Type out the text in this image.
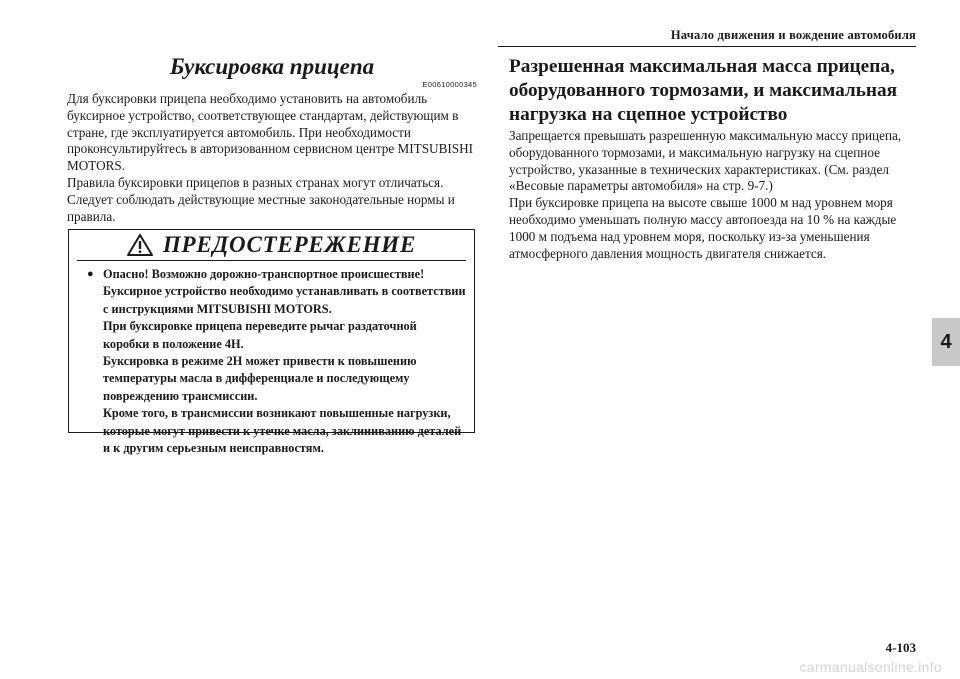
Начало движения и вождение автомобиля
4
Буксировка прицепа
E00610000345

Для буксировки прицепа необходимо установить на автомобиль буксирное устройство, соответствующее стандартам, действующим в стране, где эксплуатируется автомобиль. При необходимости проконсультируйтесь в авторизованном сервисном центре MITSUBISHI MOTORS.

Правила буксировки прицепов в разных странах могут отличаться. Следует соблюдать действующие местные законодательные нормы и правила.

ПРЕДОСТЕРЕЖЕНИЕ
● Опасно! Возможно дорожно-транспортное происшествие!

Буксирное устройство необходимо устанавливать в соответствии с инструкциями MITSUBISHI MOTORS.

При буксировке прицепа переведите рычаг раздаточной коробки в положение 4H.

Буксировка в режиме 2H может привести к повышению температуры масла в дифференциале и последующему повреждению трансмиссии.

Кроме того, в трансмиссии возникают повышенные нагрузки, которые могут привести к утечке масла, заклиниванию деталей и к другим серьезным неисправностям.

Разрешенная максимальная масса прицепа, оборудованного тормозами, и максимальная нагрузка на сцепное устройство

Запрещается превышать разрешенную максимальную массу прицепа, оборудованного тормозами, и максимальную нагрузку на сцепное устройство, указанные в технических характеристиках. (См. раздел «Весовые параметры автомобиля» на стр. 9-7.)

При буксировке прицепа на высоте свыше 1000 м над уровнем моря необходимо уменьшать полную массу автопоезда на 10 % на каждые 1000 м подъема над уровнем моря, поскольку из-за уменьшения атмосферного давления мощность двигателя снижается.

4-103
carmanualsonline.info
